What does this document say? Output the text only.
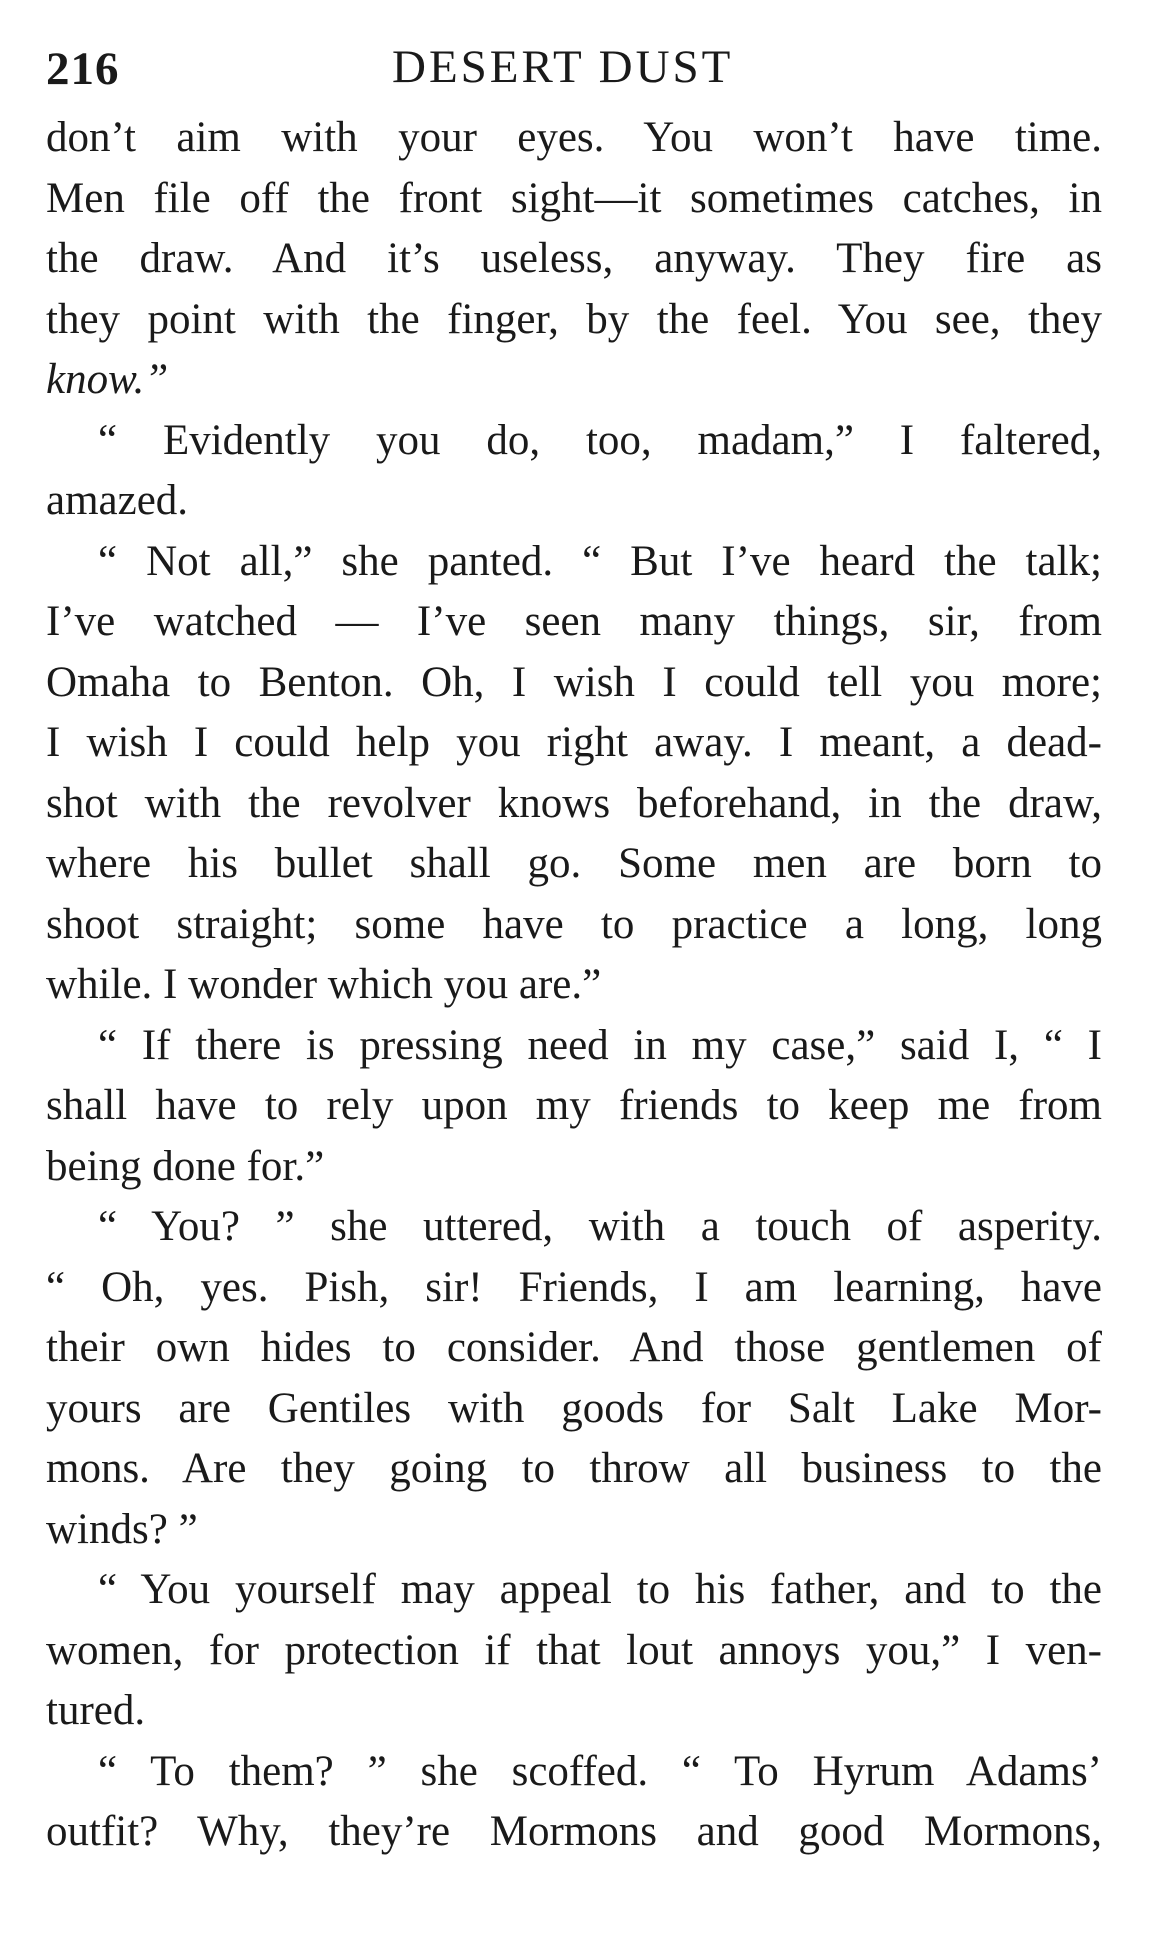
216	DESERT DUST

don’t aim with your eyes. You won’t have time.
Men file off the front sight—it sometimes catches, in
the draw. And it’s useless, anyway. They fire as
they point with the finger, by the feel. You see, they
know.”

“ Evidently you do, too, madam,” I faltered,
amazed.

“ Not all,” she panted. “ But I’ve heard the talk;
I’ve watched — I’ve seen many things, sir, from
Omaha to Benton. Oh, I wish I could tell you more;
I wish I could help you right away. I meant, a dead-
shot with the revolver knows beforehand, in the draw,
where his bullet shall go. Some men are born to
shoot straight; some have to practice a long, long
while. I wonder which you are.”

“ If there is pressing need in my case,” said I, “ I
shall have to rely upon my friends to keep me from
being done for.”

“ You? ” she uttered, with a touch of asperity.
“ Oh, yes. Pish, sir! Friends, I am learning, have
their own hides to consider. And those gentlemen of
yours are Gentiles with goods for Salt Lake Mor-
mons. Are they going to throw all business to the
winds? ”

“ You yourself may appeal to his father, and to the
women, for protection if that lout annoys you,” I ven-
tured.

“ To them? ” she scoffed. “ To Hyrum Adams’
outfit? Why, they’re Mormons and good Mormons,
